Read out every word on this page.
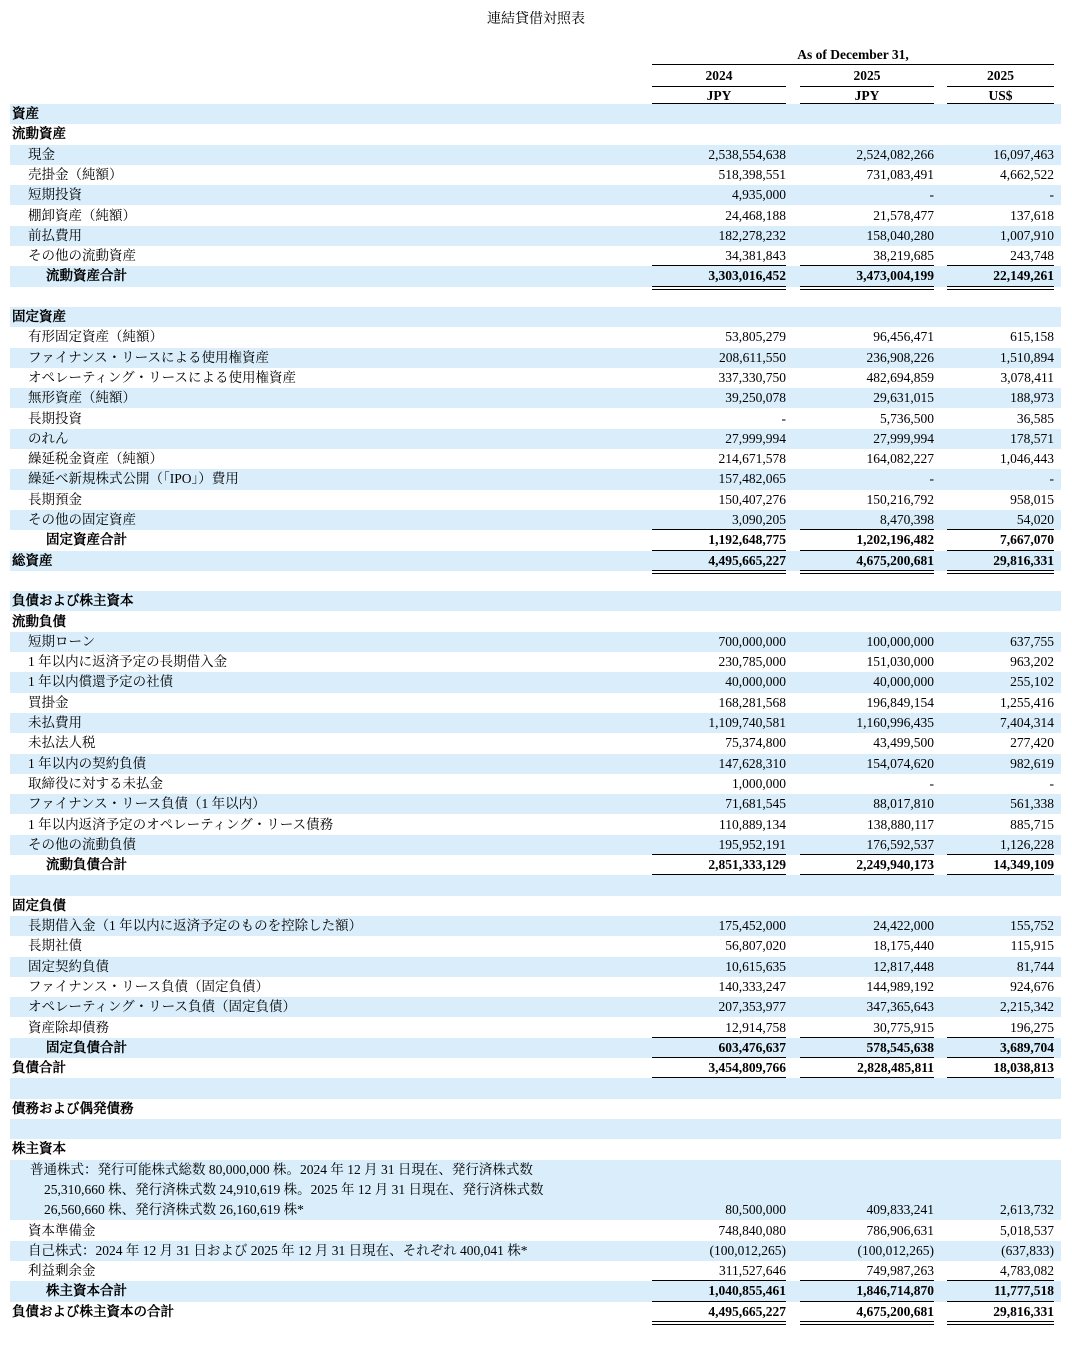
連結貸借対照表
As of December 31,
2024	2025	2025
JPY	JPY	US$
資産
流動資産
現金	2,538,554,638	2,524,082,266	16,097,463
売掛金（純額）	518,398,551	731,083,491	4,662,522
短期投資	4,935,000	-	-
棚卸資産（純額）	24,468,188	21,578,477	137,618
前払費用	182,278,232	158,040,280	1,007,910
その他の流動資産	34,381,843	38,219,685	243,748
流動資産合計	3,303,016,452	3,473,004,199	22,149,261
固定資産
有形固定資産（純額）	53,805,279	96,456,471	615,158
ファイナンス・リースによる使用権資産	208,611,550	236,908,226	1,510,894
オペレーティング・リースによる使用権資産	337,330,750	482,694,859	3,078,411
無形資産（純額）	39,250,078	29,631,015	188,973
長期投資	-	5,736,500	36,585
のれん	27,999,994	27,999,994	178,571
繰延税金資産（純額）	214,671,578	164,082,227	1,046,443
繰延べ新規株式公開（「IPO」）費用	157,482,065	-	-
長期預金	150,407,276	150,216,792	958,015
その他の固定資産	3,090,205	8,470,398	54,020
固定資産合計	1,192,648,775	1,202,196,482	7,667,070
総資産	4,495,665,227	4,675,200,681	29,816,331
負債および株主資本
流動負債
短期ローン	700,000,000	100,000,000	637,755
1 年以内に返済予定の長期借入金	230,785,000	151,030,000	963,202
1 年以内償還予定の社債	40,000,000	40,000,000	255,102
買掛金	168,281,568	196,849,154	1,255,416
未払費用	1,109,740,581	1,160,996,435	7,404,314
未払法人税	75,374,800	43,499,500	277,420
1 年以内の契約負債	147,628,310	154,074,620	982,619
取締役に対する未払金	1,000,000	-	-
ファイナンス・リース負債（1 年以内）	71,681,545	88,017,810	561,338
1 年以内返済予定のオペレーティング・リース債務	110,889,134	138,880,117	885,715
その他の流動負債	195,952,191	176,592,537	1,126,228
流動負債合計	2,851,333,129	2,249,940,173	14,349,109
固定負債
長期借入金（1 年以内に返済予定のものを控除した額）	175,452,000	24,422,000	155,752
長期社債	56,807,020	18,175,440	115,915
固定契約負債	10,615,635	12,817,448	81,744
ファイナンス・リース負債（固定負債）	140,333,247	144,989,192	924,676
オペレーティング・リース負債（固定負債）	207,353,977	347,365,643	2,215,342
資産除却債務	12,914,758	30,775,915	196,275
固定負債合計	603,476,637	578,545,638	3,689,704
負債合計	3,454,809,766	2,828,485,811	18,038,813
債務および偶発債務
株主資本
普通株式：発行可能株式総数 80,000,000 株。2024 年 12 月 31 日現在、発行済株式数
25,310,660 株、発行済株式数 24,910,619 株。2025 年 12 月 31 日現在、発行済株式数
26,560,660 株、発行済株式数 26,160,619 株*	80,500,000	409,833,241	2,613,732
資本準備金	748,840,080	786,906,631	5,018,537
自己株式：2024 年 12 月 31 日および 2025 年 12 月 31 日現在、それぞれ 400,041 株*	(100,012,265)	(100,012,265)	(637,833)
利益剰余金	311,527,646	749,987,263	4,783,082
株主資本合計	1,040,855,461	1,846,714,870	11,777,518
負債および株主資本の合計	4,495,665,227	4,675,200,681	29,816,331
